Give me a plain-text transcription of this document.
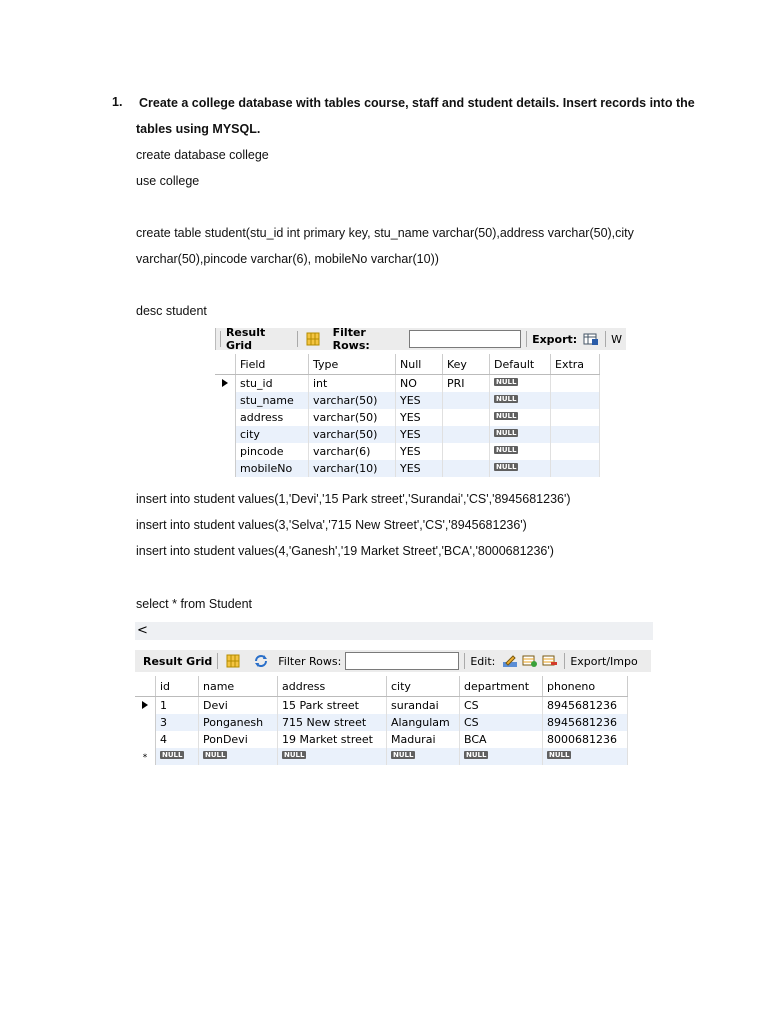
1. Create a college database with tables course, staff and student details. Insert records into the
tables using MYSQL.
create database college
use college
create table student(stu_id int primary key, stu_name varchar(50),address varchar(50),city
varchar(50),pincode varchar(6), mobileNo varchar(10))
desc student
Result Grid
Filter Rows:	Export:	W
	Field	Type	Null	Key	Default	Extra
	stu_id	int	NO	PRI	NULL	
	stu_name	varchar(50)	YES		NULL	
	address	varchar(50)	YES		NULL	
	city	varchar(50)	YES		NULL	
	pincode	varchar(6)	YES		NULL	
	mobileNo	varchar(10)	YES		NULL	
insert into student values(1,'Devi','15 Park street','Surandai','CS','8945681236')
insert into student values(3,'Selva','715 New Street','CS','8945681236')
insert into student values(4,'Ganesh','19 Market Street','BCA','8000681236')
select * from Student
<
Result Grid	Filter Rows:	Edit:	Export/Impo
	id	name	address	city	department	phoneno
	1	Devi	15 Park street	surandai	CS	8945681236
	3	Ponganesh	715 New street	Alangulam	CS	8945681236
	4	PonDevi	19 Market street	Madurai	BCA	8000681236
*	NULL	NULL	NULL	NULL	NULL	NULL
